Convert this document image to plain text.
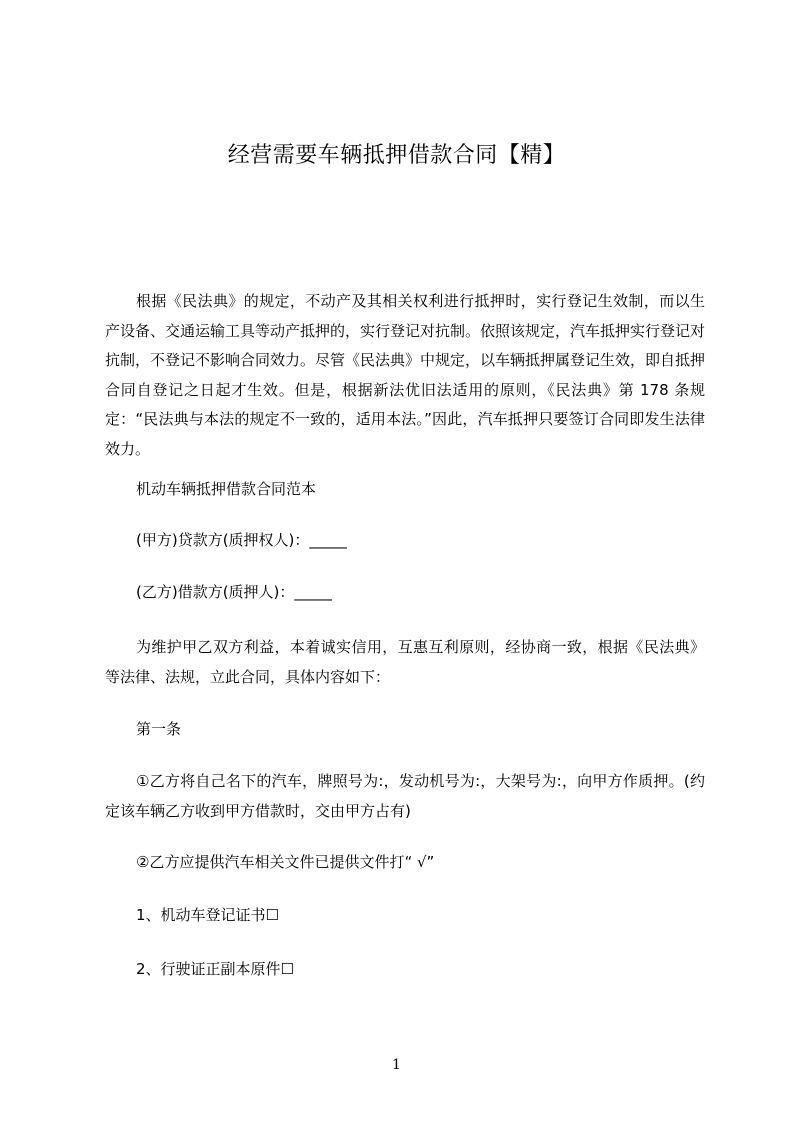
经营需要车辆抵押借款合同【精】

根据《民法典》的规定，不动产及其相关权利进行抵押时，实行登记生效制，而以生产设备、交通运输工具等动产抵押的，实行登记对抗制。依照该规定，汽车抵押实行登记对抗制，不登记不影响合同效力。尽管《民法典》中规定，以车辆抵押属登记生效，即自抵押合同自登记之日起才生效。但是，根据新法优旧法适用的原则，《民法典》第 178 条规定：“民法典与本法的规定不一致的，适用本法。”因此，汽车抵押只要签订合同即发生法律效力。

机动车辆抵押借款合同范本

(甲方)贷款方(质押权人)：_____

(乙方)借款方(质押人)：_____

为维护甲乙双方利益，本着诚实信用，互惠互利原则，经协商一致，根据《民法典》等法律、法规，立此合同，具体内容如下：

第一条

①乙方将自己名下的汽车，牌照号为:，发动机号为:，大架号为:，向甲方作质押。(约定该车辆乙方收到甲方借款时，交由甲方占有)

②乙方应提供汽车相关文件已提供文件打“ √”

1、机动车登记证书☐

2、行驶证正副本原件☐

1
